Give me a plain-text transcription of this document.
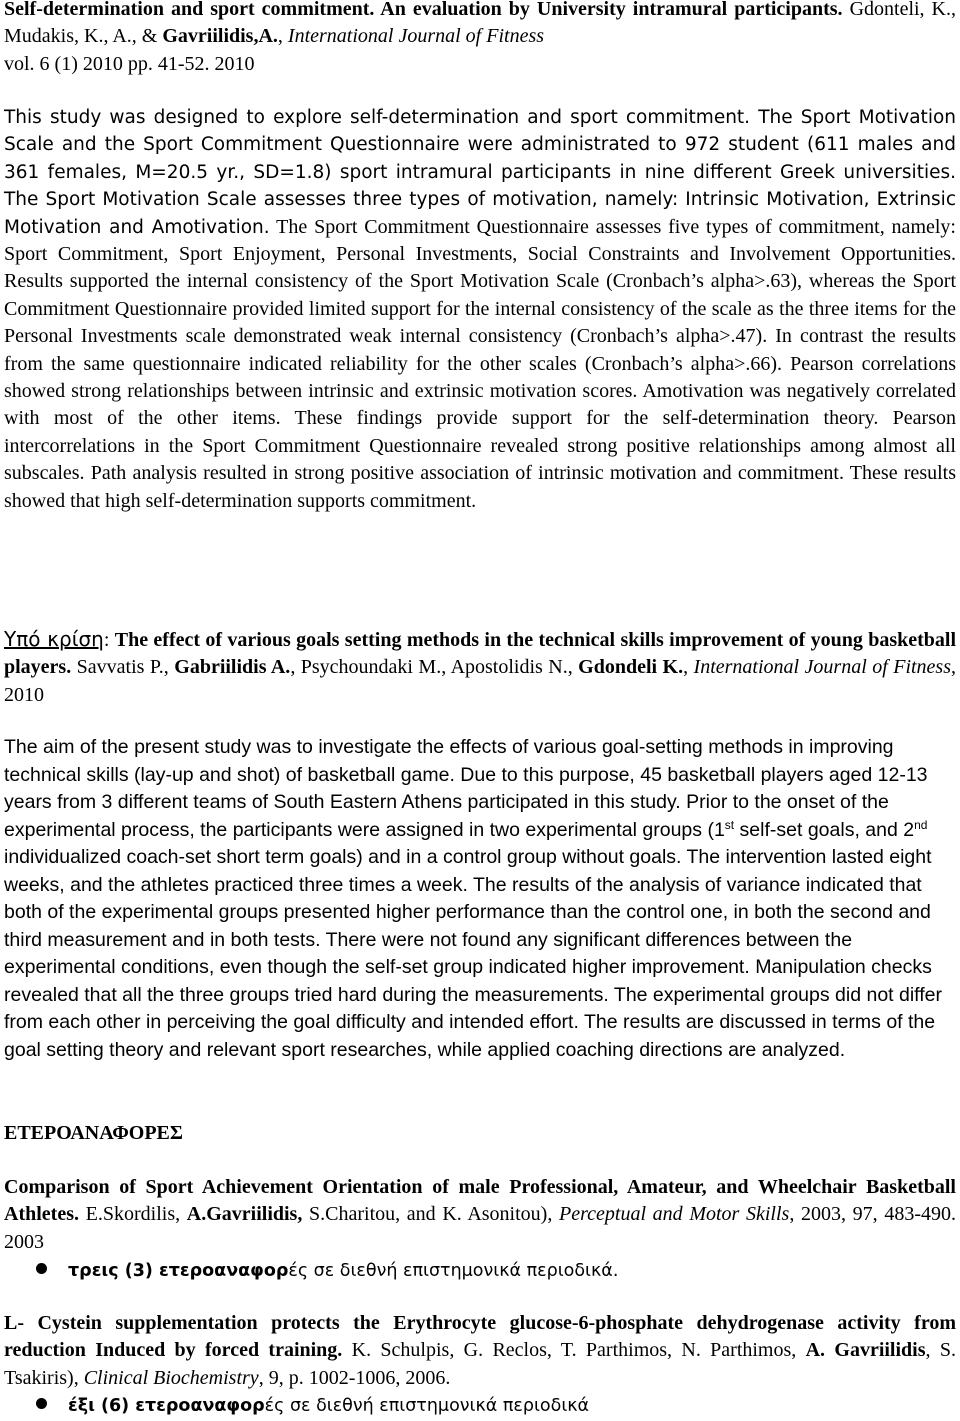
Self-determination and sport commitment. An evaluation by University intramural participants. Gdonteli, K., Mudakis, K., A., & Gavriilidis,A., International Journal of Fitness
vol. 6 (1) 2010 pp. 41-52. 2010
This study was designed to explore self-determination and sport commitment. The Sport Motivation Scale and the Sport Commitment Questionnaire were administrated to 972 student (611 males and 361 females, M=20.5 yr., SD=1.8) sport intramural participants in nine different Greek universities. The Sport Motivation Scale assesses three types of motivation, namely: Intrinsic Motivation, Extrinsic Motivation and Amotivation. The Sport Commitment Questionnaire assesses five types of commitment, namely: Sport Commitment, Sport Enjoyment, Personal Investments, Social Constraints and Involvement Opportunities. Results supported the internal consistency of the Sport Motivation Scale (Cronbach’s alpha>.63), whereas the Sport Commitment Questionnaire provided limited support for the internal consistency of the scale as the three items for the Personal Investments scale demonstrated weak internal consistency (Cronbach’s alpha>.47). In contrast the results from the same questionnaire indicated reliability for the other scales (Cronbach’s alpha>.66). Pearson correlations showed strong relationships between intrinsic and extrinsic motivation scores. Amotivation was negatively correlated with most of the other items. These findings provide support for the self-determination theory. Pearson intercorrelations in the Sport Commitment Questionnaire revealed strong positive relationships among almost all subscales. Path analysis resulted in strong positive association of intrinsic motivation and commitment. These results showed that high self-determination supports commitment.
Υπό κρίση: The effect of various goals setting methods in the technical skills improvement of young basketball players. Savvatis P., Gabriilidis A., Psychoundaki M., Apostolidis N., Gdondeli K., International Journal of Fitness, 2010
The aim of the present study was to investigate the effects of various goal-setting methods in improving technical skills (lay-up and shot) of basketball game. Due to this purpose, 45 basketball players aged 12-13 years from 3 different teams of South Eastern Athens participated in this study. Prior to the onset of the experimental process, the participants were assigned in two experimental groups (1st self-set goals, and 2nd individualized coach-set short term goals) and in a control group without goals. The intervention lasted eight weeks, and the athletes practiced three times a week. The results of the analysis of variance indicated that both of the experimental groups presented higher performance than the control one, in both the second and third measurement and in both tests. There were not found any significant differences between the experimental conditions, even though the self-set group indicated higher improvement. Manipulation checks revealed that all the three groups tried hard during the measurements. The experimental groups did not differ from each other in perceiving the goal difficulty and intended effort. The results are discussed in terms of the goal setting theory and relevant sport researches, while applied coaching directions are analyzed.
ΕΤΕΡΟΑΝΑΦΟΡΕΣ
Comparison of Sport Achievement Orientation of male Professional, Amateur, and Wheelchair Basketball Athletes. E.Skordilis, A.Gavriilidis, S.Charitou, and K. Asonitou), Perceptual and Motor Skills, 2003, 97, 483-490. 2003
τρεις (3) ετεροαναφορές σε διεθνή επιστημονικά περιοδικά.
L- Cystein supplementation protects the Erythrocyte glucose-6-phosphate dehydrogenase activity from reduction Induced by forced training. K. Schulpis, G. Reclos, T. Parthimos, N. Parthimos, A. Gavriilidis, S. Tsakiris), Clinical Biochemistry, 9, p. 1002-1006, 2006.
έξι (6) ετεροαναφορές σε διεθνή επιστημονικά περιοδικά
